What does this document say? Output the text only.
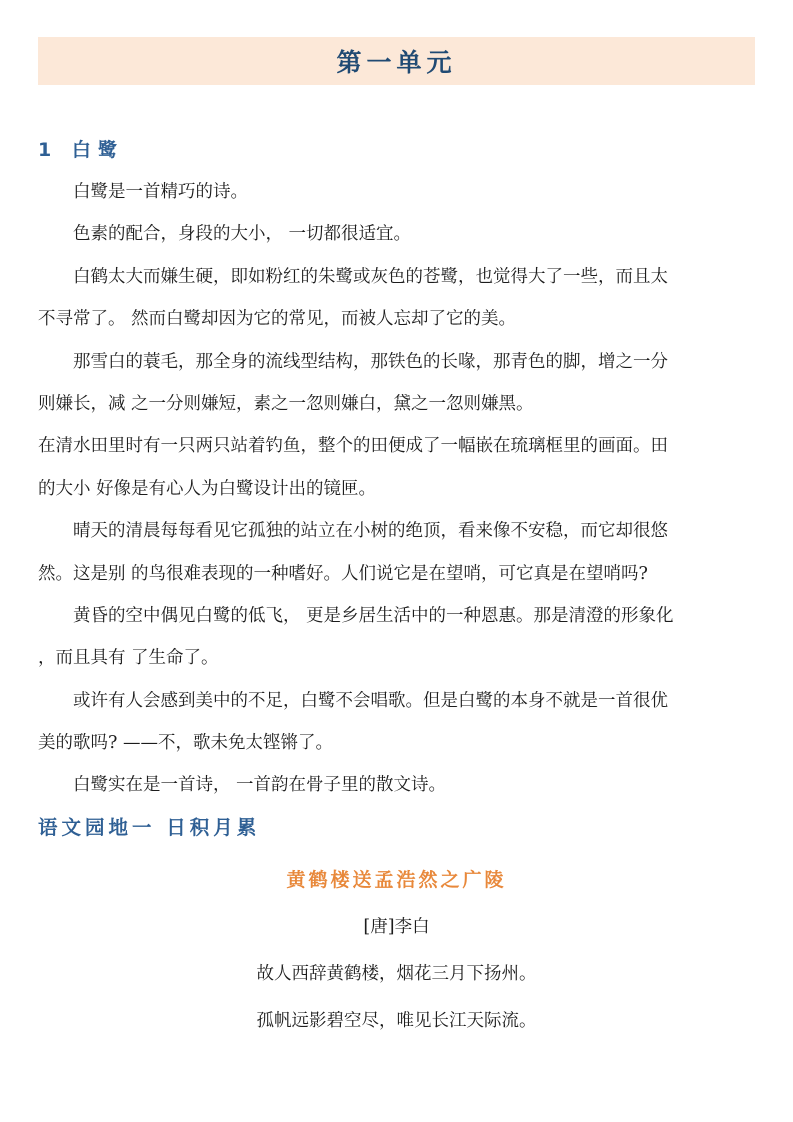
第一单元
1 白鹭
白鹭是一首精巧的诗。
色素的配合，身段的大小， 一切都很适宜。
白鹤太大而嫌生硬，即如粉红的朱鹭或灰色的苍鹭，也觉得大了一些，而且太
不寻常了。 然而白鹭却因为它的常见，而被人忘却了它的美。
那雪白的蓑毛，那全身的流线型结构，那铁色的长喙，那青色的脚，增之一分
则嫌长，减 之一分则嫌短，素之一忽则嫌白，黛之一忽则嫌黑。
在清水田里时有一只两只站着钓鱼，整个的田便成了一幅嵌在琉璃框里的画面。田
的大小 好像是有心人为白鹭设计出的镜匣。
晴天的清晨每每看见它孤独的站立在小树的绝顶，看来像不安稳，而它却很悠
然。这是别 的鸟很难表现的一种嗜好。人们说它是在望哨，可它真是在望哨吗?
黄昏的空中偶见白鹭的低飞， 更是乡居生活中的一种恩惠。那是清澄的形象化
，而且具有 了生命了。
或许有人会感到美中的不足，白鹭不会唱歌。但是白鹭的本身不就是一首很优
美的歌吗? ——不，歌未免太铿锵了。
白鹭实在是一首诗， 一首韵在骨子里的散文诗。
语文园地一 日积月累
黄鹤楼送孟浩然之广陵
[唐]李白
故人西辞黄鹤楼，烟花三月下扬州。
孤帆远影碧空尽，唯见长江天际流。
